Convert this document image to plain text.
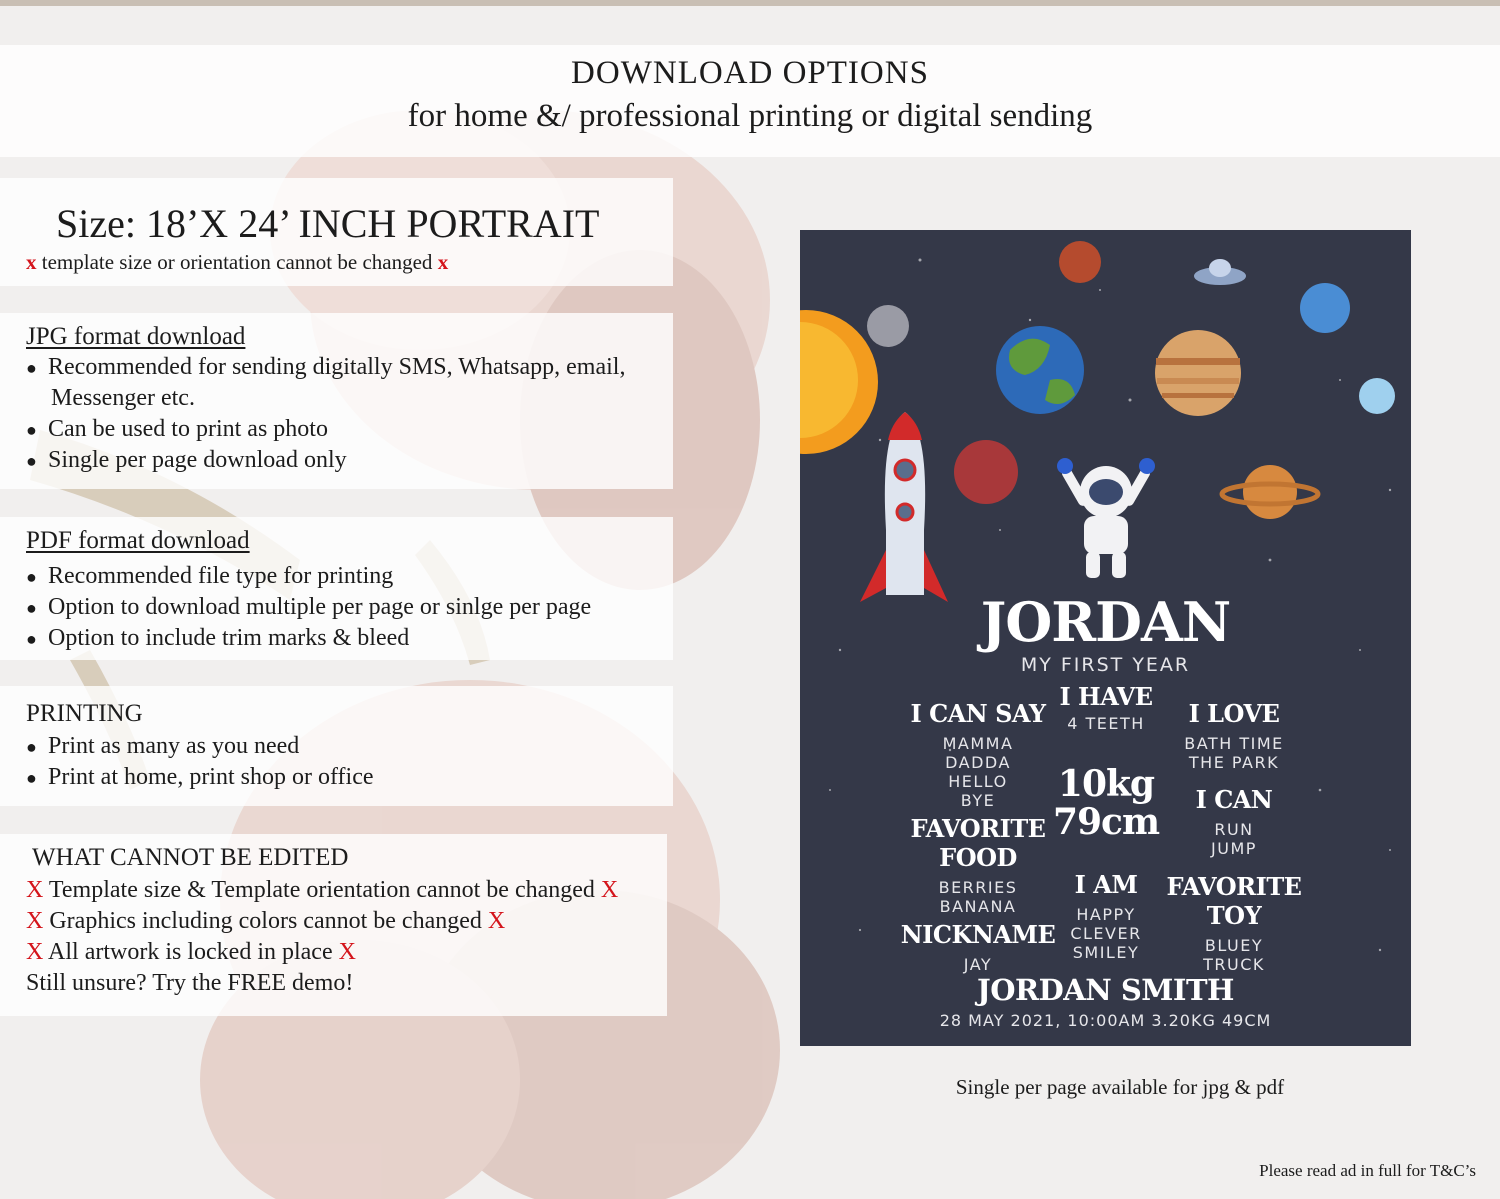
DOWNLOAD OPTIONS
for home &/ professional printing or digital sending
Size: 18’X 24’ INCH PORTRAIT
x template size or orientation cannot be changed x
JPG format download
● Recommended for sending digitally SMS, Whatsapp, email,
Messenger etc.
● Can be used to print as photo
● Single per page download only
PDF format download
● Recommended file type for printing
● Option to download multiple per page or sinlge per page
● Option to include trim marks & bleed
PRINTING
● Print as many as you need
● Print at home, print shop or office
WHAT CANNOT BE EDITED
X Template size & Template orientation cannot be changed X
X Graphics including colors cannot be changed X
X All artwork is locked in place X
Still unsure? Try the FREE demo!
JORDAN
MY FIRST YEAR
I HAVE
4 TEETH
I CAN SAY
MAMMA
DADDA
HELLO
BYE
I LOVE
BATH TIME
THE PARK
10kg
79cm
I CAN
RUN
JUMP
FAVORITE
FOOD
BERRIES
BANANA
I AM
HAPPY
CLEVER
SMILEY
FAVORITE
TOY
BLUEY
TRUCK
NICKNAME
JAY
JORDAN SMITH
28 MAY 2021, 10:00AM 3.20KG 49CM
Single per page available for jpg & pdf
Please read ad in full for T&C’s
